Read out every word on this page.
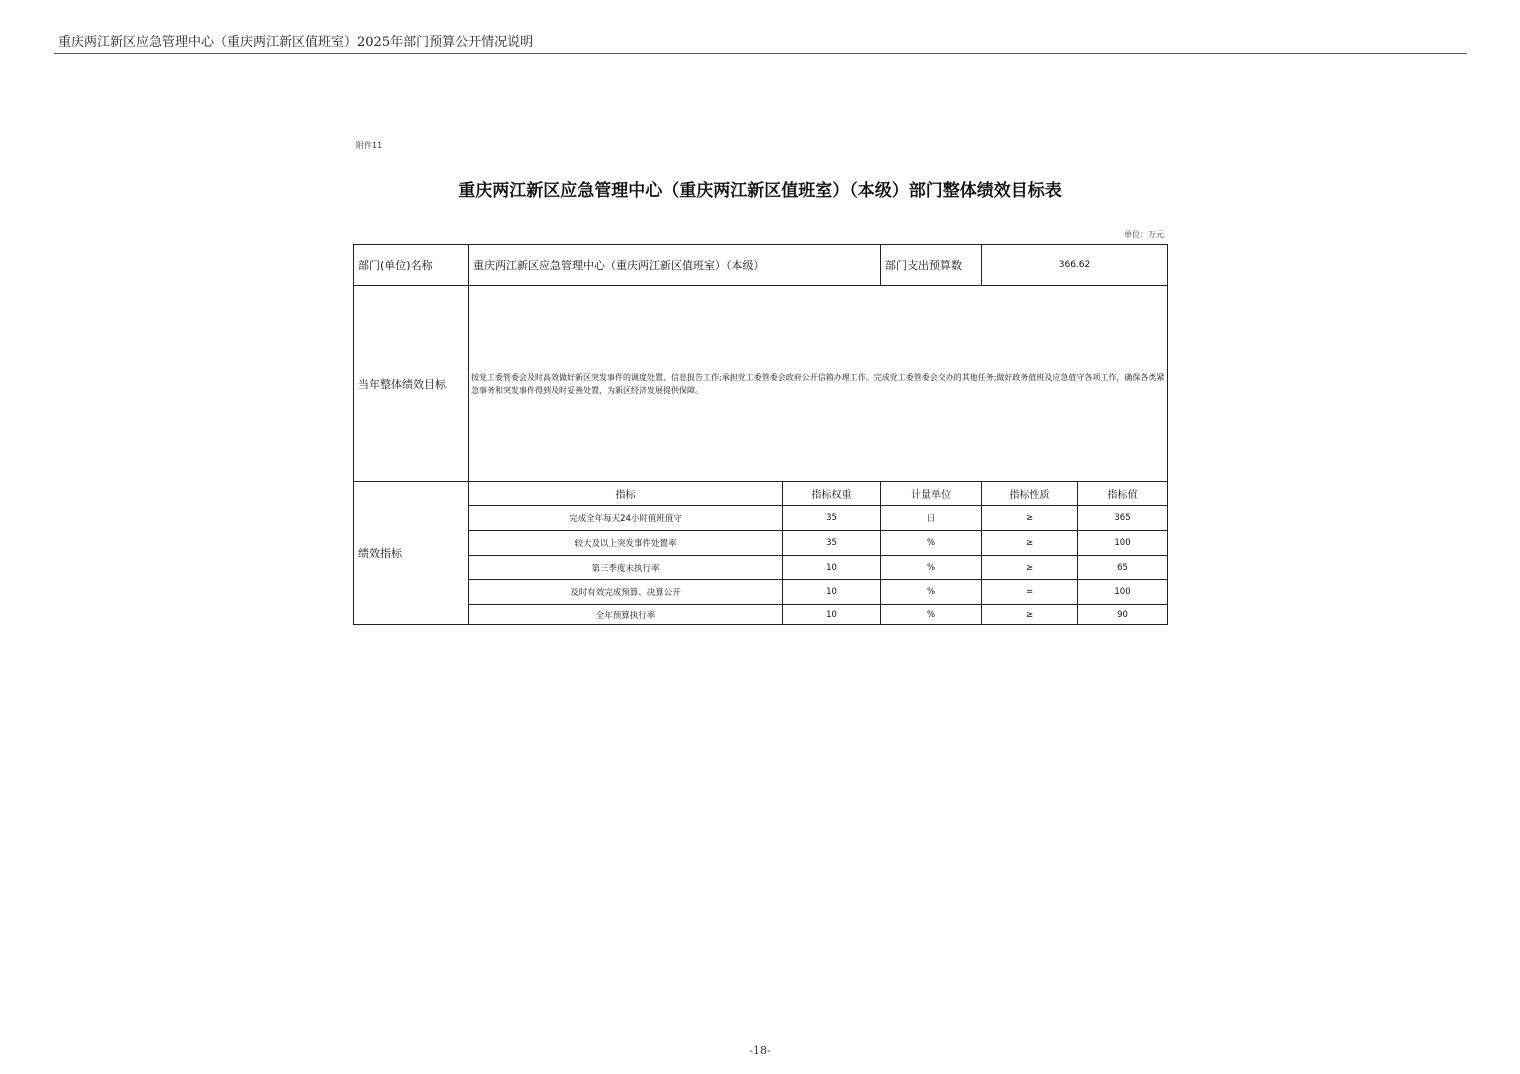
重庆两江新区应急管理中心（重庆两江新区值班室）2025年部门预算公开情况说明
附件11
重庆两江新区应急管理中心（重庆两江新区值班室）（本级）部门整体绩效目标表
单位：万元
部门(单位)名称	重庆两江新区应急管理中心（重庆两江新区值班室）（本级）		部门支出预算数	366.62	
当年整体绩效目标	按党工委管委会及时高效做好新区突发事件的调度处置、信息报告工作;承担党工委管委会政府公开信箱办理工作。完成党工委管委会交办的其他任务;做好政务值班及应急值守各项工作，确保各类紧急事务和突发事件得到及时妥善处置，为新区经济发展提供保障。				
绩效指标	指标	指标权重	计量单位	指标性质	指标值
	完成全年每天24小时值班值守	35	日	≥	365
	较大及以上突发事件处置率	35	%	≥	100
	第三季度末执行率	10	%	≥	65
	及时有效完成预算、决算公开	10	%	=	100
	全年预算执行率	10	%	≥	90
-18-
